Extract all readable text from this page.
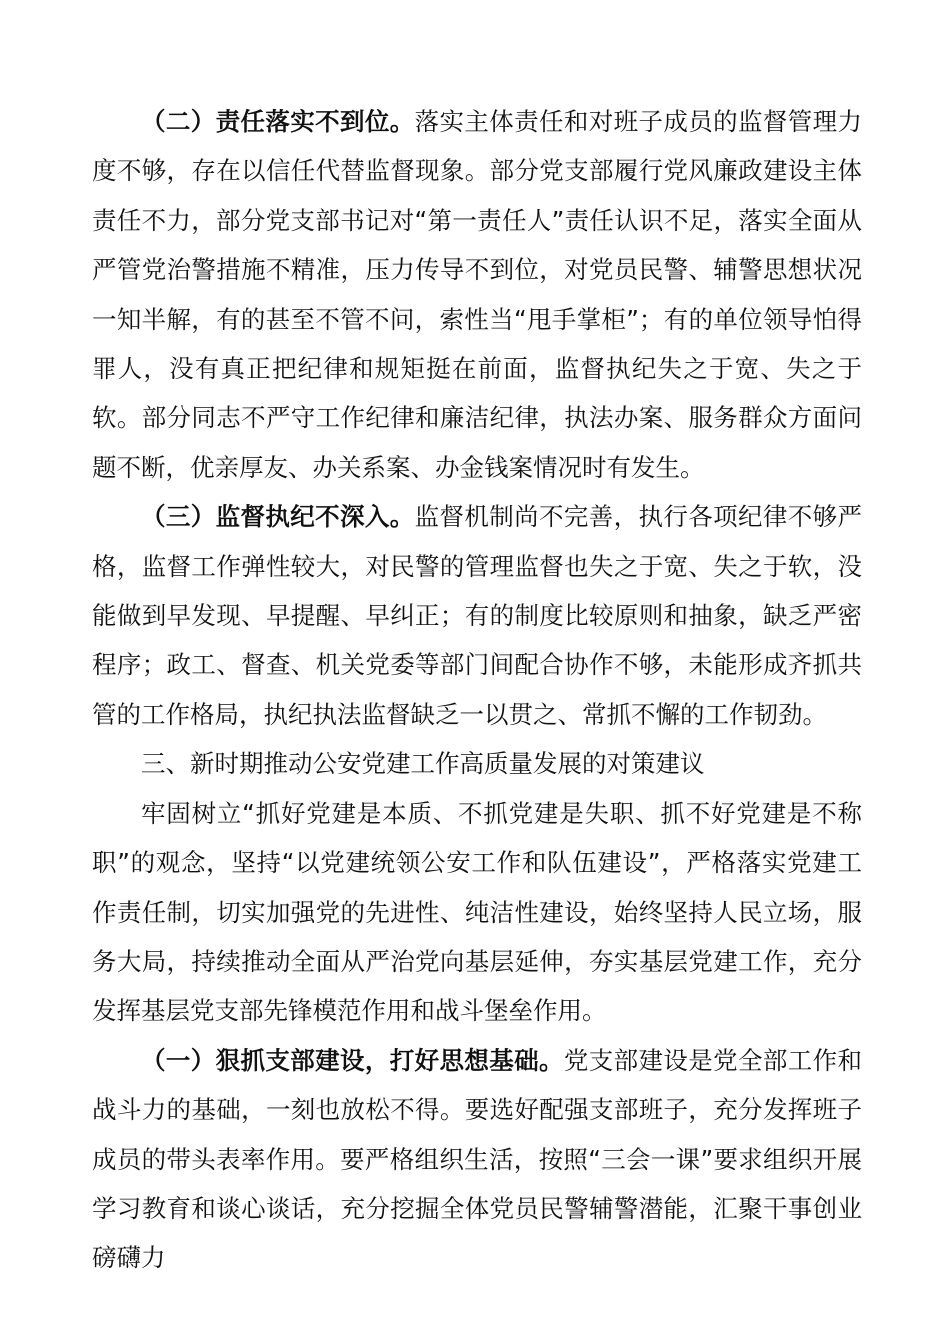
（二）责任落实不到位。落实主体责任和对班子成员的监督管理力度不够，存在以信任代替监督现象。部分党支部履行党风廉政建设主体责任不力，部分党支部书记对“第一责任人”责任认识不足，落实全面从严管党治警措施不精准，压力传导不到位，对党员民警、辅警思想状况一知半解，有的甚至不管不问，索性当“甩手掌柜”；有的单位领导怕得罪人，没有真正把纪律和规矩挺在前面，监督执纪失之于宽、失之于软。部分同志不严守工作纪律和廉洁纪律，执法办案、服务群众方面问题不断，优亲厚友、办关系案、办金钱案情况时有发生。

（三）监督执纪不深入。监督机制尚不完善，执行各项纪律不够严格，监督工作弹性较大，对民警的管理监督也失之于宽、失之于软，没能做到早发现、早提醒、早纠正；有的制度比较原则和抽象，缺乏严密程序；政工、督查、机关党委等部门间配合协作不够，未能形成齐抓共管的工作格局，执纪执法监督缺乏一以贯之、常抓不懈的工作韧劲。

三、新时期推动公安党建工作高质量发展的对策建议

牢固树立“抓好党建是本质、不抓党建是失职、抓不好党建是不称职”的观念，坚持“以党建统领公安工作和队伍建设”，严格落实党建工作责任制，切实加强党的先进性、纯洁性建设，始终坚持人民立场，服务大局，持续推动全面从严治党向基层延伸，夯实基层党建工作，充分发挥基层党支部先锋模范作用和战斗堡垒作用。

（一）狠抓支部建设，打好思想基础。党支部建设是党全部工作和战斗力的基础，一刻也放松不得。要选好配强支部班子，充分发挥班子成员的带头表率作用。要严格组织生活，按照“三会一课”要求组织开展学习教育和谈心谈话，充分挖掘全体党员民警辅警潜能，汇聚干事创业磅礴力
